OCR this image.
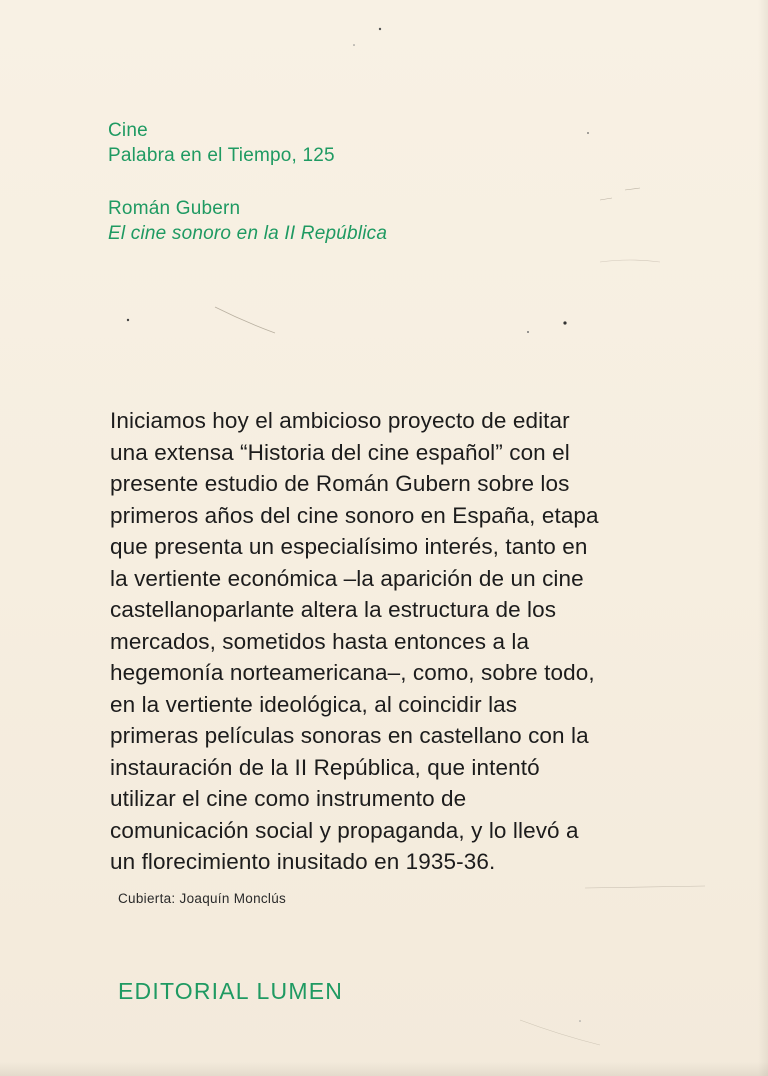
Cine
Palabra en el Tiempo, 125
Román Gubern
El cine sonoro en la II República
Iniciamos hoy el ambicioso proyecto de editar
una extensa “Historia del cine español” con el
presente estudio de Román Gubern sobre los
primeros años del cine sonoro en España, etapa
que presenta un especialísimo interés, tanto en
la vertiente económica –la aparición de un cine
castellanoparlante altera la estructura de los
mercados, sometidos hasta entonces a la
hegemonía norteamericana–, como, sobre todo,
en la vertiente ideológica, al coincidir las
primeras películas sonoras en castellano con la
instauración de la II República, que intentó
utilizar el cine como instrumento de
comunicación social y propaganda, y lo llevó a
un florecimiento inusitado en 1935-36.
Cubierta: Joaquín Monclús
EDITORIAL LUMEN
